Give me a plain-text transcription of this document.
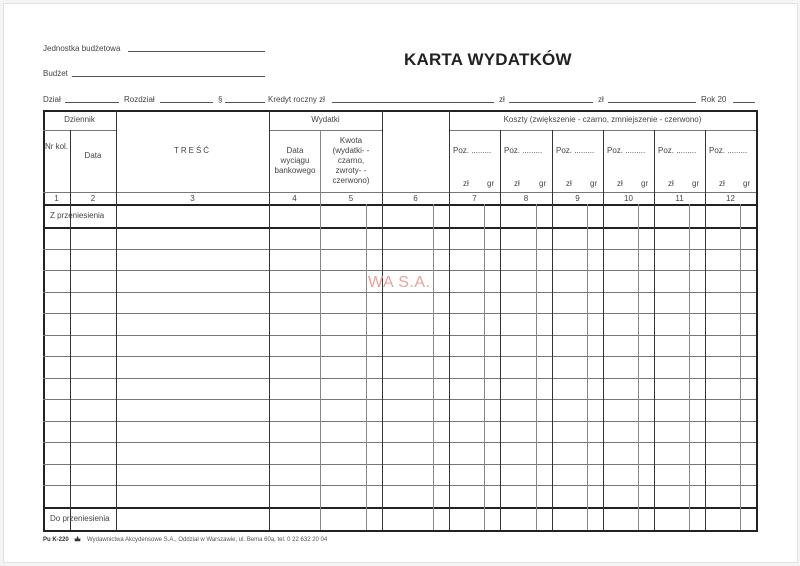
Jednostka budżetowa
Budżet
KARTA WYDATKÓW
Dział	Rozdział	§	Kredyt roczny zł	zł	zł	Rok 20
Dziennik
Nr kol.
Data
TREŚĆ
Wydatki
Data wyciągu bankowego
Kwota (wydatki- -czarno, zwroty- -czerwono)
Koszty (zwiększenie - czarno, zmniejszenie - czerwono)
Poz. .........
zł gr
Poz. .........
zł gr
Poz. .........
zł gr
Poz. .........
zł gr
Poz. .........
zł gr
Poz. .........
zł gr
1	2	3	4	5	6	7	8	9	10	11	12
Z przeniesienia
Do przeniesienia
WA S.A.
Pu K-220	Wydawnictwa Akcydensowe S.A., Oddział w Warszawie, ul. Bema 60a, tel. 0 22 632 20 04
